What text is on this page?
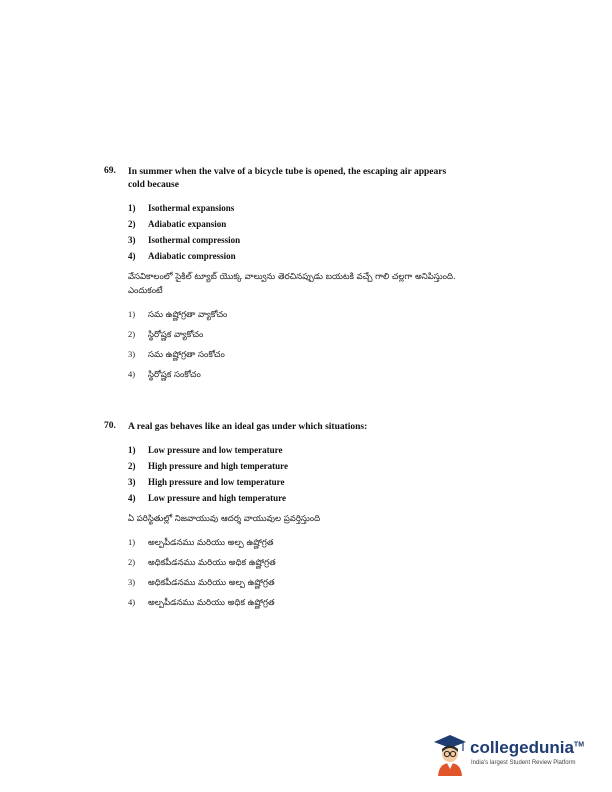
69. In summer when the valve of a bicycle tube is opened, the escaping air appears cold because
1) Isothermal expansions
2) Adiabatic expansion
3) Isothermal compression
4) Adiabatic compression
వేసవికాలంలో సైకిల్ ట్యూబ్ యొక్క వాల్వును తెరచినప్పుడు బయటకి వచ్చే గాలి చల్లగా అనిపిస్తుంది. ఎందుకంటే
1) సమ ఉష్ణోగ్రతా వ్యాకోచం
2) స్థిరోష్ణక వ్యాకోచం
3) సమ ఉష్ణోగ్రతా సంకోచం
4) స్థిరోష్ణక సంకోచం
70. A real gas behaves like an ideal gas under which situations:
1) Low pressure and low temperature
2) High pressure and high temperature
3) High pressure and low temperature
4) Low pressure and high temperature
ఏ పరిస్థితుల్లో నిజవాయువు ఆదర్శ వాయువుల ప్రవర్తిస్తుంది
1) అల్పపీడనము మరియు అల్ప ఉష్ణోగ్రత
2) అధికపీడనము మరియు అధిక ఉష్ణోగ్రత
3) అధికపీడనము మరియు అల్ప ఉష్ణోగ్రత
4) అల్పపీడనము మరియు అధిక ఉష్ణోగ్రత
collegedunia™
India's largest Student Review Platform
